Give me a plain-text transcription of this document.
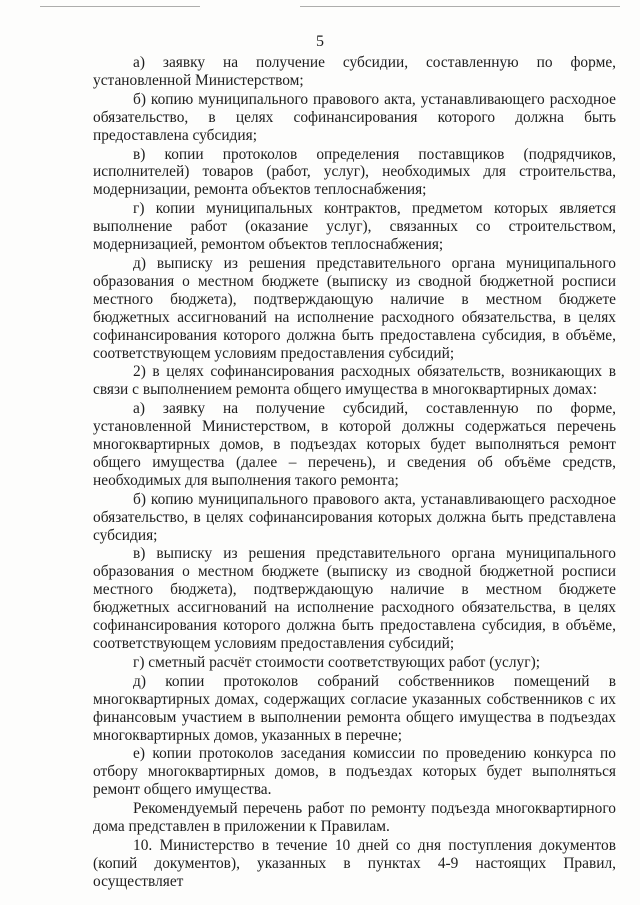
5

а) заявку на получение субсидии, составленную по форме, установленной Министерством;

б) копию муниципального правового акта, устанавливающего расходное обязательство, в целях софинансирования которого должна быть предоставлена субсидия;

в) копии протоколов определения поставщиков (подрядчиков, исполнителей) товаров (работ, услуг), необходимых для строительства, модернизации, ремонта объектов теплоснабжения;

г) копии муниципальных контрактов, предметом которых является выполнение работ (оказание услуг), связанных со строительством, модернизацией, ремонтом объектов теплоснабжения;

д) выписку из решения представительного органа муниципального образования о местном бюджете (выписку из сводной бюджетной росписи местного бюджета), подтверждающую наличие в местном бюджете бюджетных ассигнований на исполнение расходного обязательства, в целях софинансирования которого должна быть предоставлена субсидия, в объёме, соответствующем условиям предоставления субсидий;

2) в целях софинансирования расходных обязательств, возникающих в связи с выполнением ремонта общего имущества в многоквартирных домах:

а) заявку на получение субсидий, составленную по форме, установленной Министерством, в которой должны содержаться перечень многоквартирных домов, в подъездах которых будет выполняться ремонт общего имущества (далее – перечень), и сведения об объёме средств, необходимых для выполнения такого ремонта;

б) копию муниципального правового акта, устанавливающего расходное обязательство, в целях софинансирования которых должна быть представлена субсидия;

в) выписку из решения представительного органа муниципального образования о местном бюджете (выписку из сводной бюджетной росписи местного бюджета), подтверждающую наличие в местном бюджете бюджетных ассигнований на исполнение расходного обязательства, в целях софинансирования которого должна быть предоставлена субсидия, в объёме, соответствующем условиям предоставления субсидий;

г) сметный расчёт стоимости соответствующих работ (услуг);

д) копии протоколов собраний собственников помещений в многоквартирных домах, содержащих согласие указанных собственников с их финансовым участием в выполнении ремонта общего имущества в подъездах многоквартирных домов, указанных в перечне;

е) копии протоколов заседания комиссии по проведению конкурса по отбору многоквартирных домов, в подъездах которых будет выполняться ремонт общего имущества.

Рекомендуемый перечень работ по ремонту подъезда многоквартирного дома представлен в приложении к Правилам.

10. Министерство в течение 10 дней со дня поступления документов (копий документов), указанных в пунктах 4-9 настоящих Правил, осуществляет
